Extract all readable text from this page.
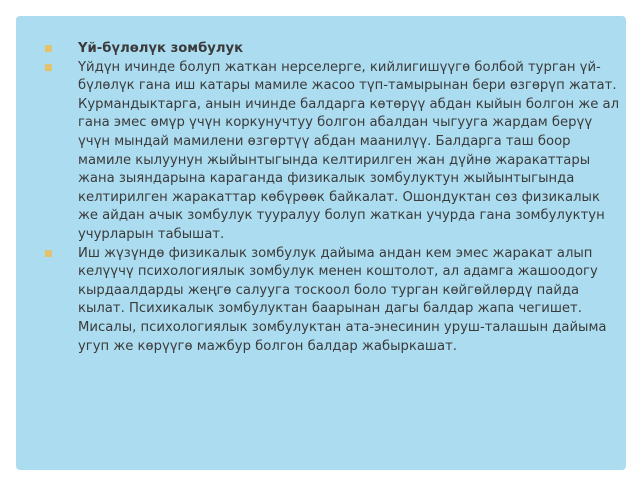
■ Үй-бүлөлүк зомбулук
■ Үйдүн ичинде болуп жаткан нерселерге, кийлигишүүгө болбой турган үй-бүлөлүк гана иш катары мамиле жасоо түп-тамырынан бери өзгөрүп жатат. Курмандыктарга, анын ичинде балдарга көтөрүү абдан кыйын болгон же ал гана эмес өмүр үчүн коркунучтуу болгон абалдан чыгууга жардам берүү үчүн мындай мамилени өзгөртүү абдан маанилүү. Балдарга таш боор мамиле кылуунун жыйынтыгында келтирилген жан дүйнө жаракаттары жана зыяндарына караганда физикалык зомбулуктун жыйынтыгында келтирилген жаракаттар көбүрөөк байкалат. Ошондуктан сөз физикалык же айдан ачык зомбулук тууралуу болуп жаткан учурда гана зомбулуктун учурларын табышат.
■ Иш жүзүндө физикалык зомбулук дайыма андан кем эмес жаракат алып келүүчү психологиялык зомбулук менен коштолот, ал адамга жашоодогу кырдаалдарды жеңгө салууга тоскоол боло турган көйгөйлөрдү пайда кылат. Психикалык зомбулуктан баарынан дагы балдар жапа чегишет. Мисалы, психологиялык зомбулуктан ата-энесинин уруш-талашын дайыма угуп же көрүүгө мажбур болгон балдар жабыркашат.
